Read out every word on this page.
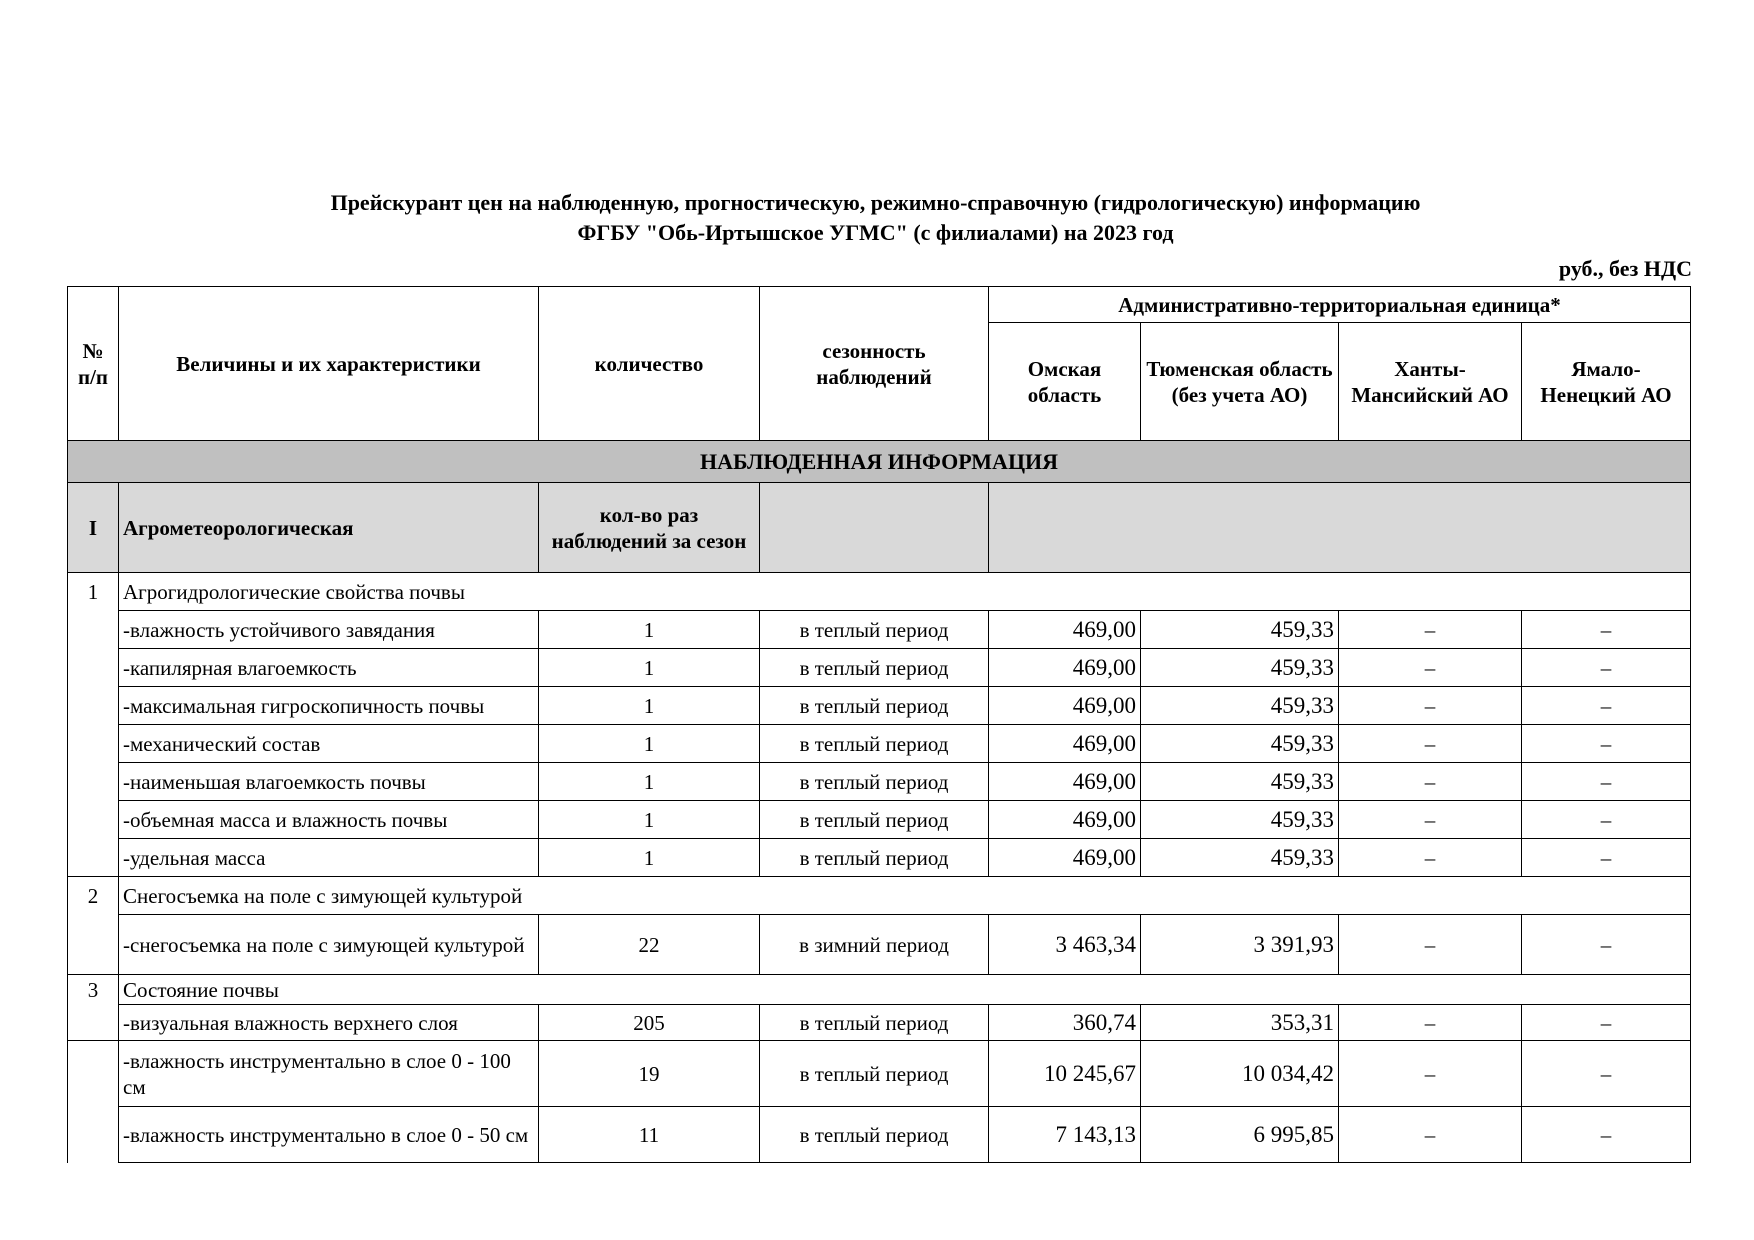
Прейскурант цен на наблюденную, прогностическую, режимно-справочную (гидрологическую) информацию
ФГБУ "Обь-Иртышское УГМС" (с филиалами) на 2023 год
руб., без НДС
№ п/п	Величины и их характеристики	количество	сезонность наблюдений	Административно-территориальная единица*			
				Омская область	Тюменская область (без учета АО)	Ханты-Мансийский АО	Ямало-Ненецкий АО
НАБЛЮДЕННАЯ ИНФОРМАЦИЯ							
I	Агрометеорологическая	кол-во раз наблюдений за сезон					
1	Агрогидрологические свойства почвы						
	-влажность устойчивого завядания	1	в теплый период	469,00	459,33	–	–
	-капилярная влагоемкость	1	в теплый период	469,00	459,33	–	–
	-максимальная гигроскопичность почвы	1	в теплый период	469,00	459,33	–	–
	-механический состав	1	в теплый период	469,00	459,33	–	–
	-наименьшая влагоемкость почвы	1	в теплый период	469,00	459,33	–	–
	-объемная масса и влажность почвы	1	в теплый период	469,00	459,33	–	–
	-удельная масса	1	в теплый период	469,00	459,33	–	–
2	Снегосъемка на поле с зимующей культурой						
	-снегосъемка на поле с зимующей культурой	22	в зимний период	3 463,34	3 391,93	–	–
3	Состояние почвы						
	-визуальная влажность верхнего слоя	205	в теплый период	360,74	353,31	–	–
	-влажность инструментально в слое 0 - 100 см	19	в теплый период	10 245,67	10 034,42	–	–
	-влажность инструментально в слое 0 - 50 см	11	в теплый период	7 143,13	6 995,85	–	–
